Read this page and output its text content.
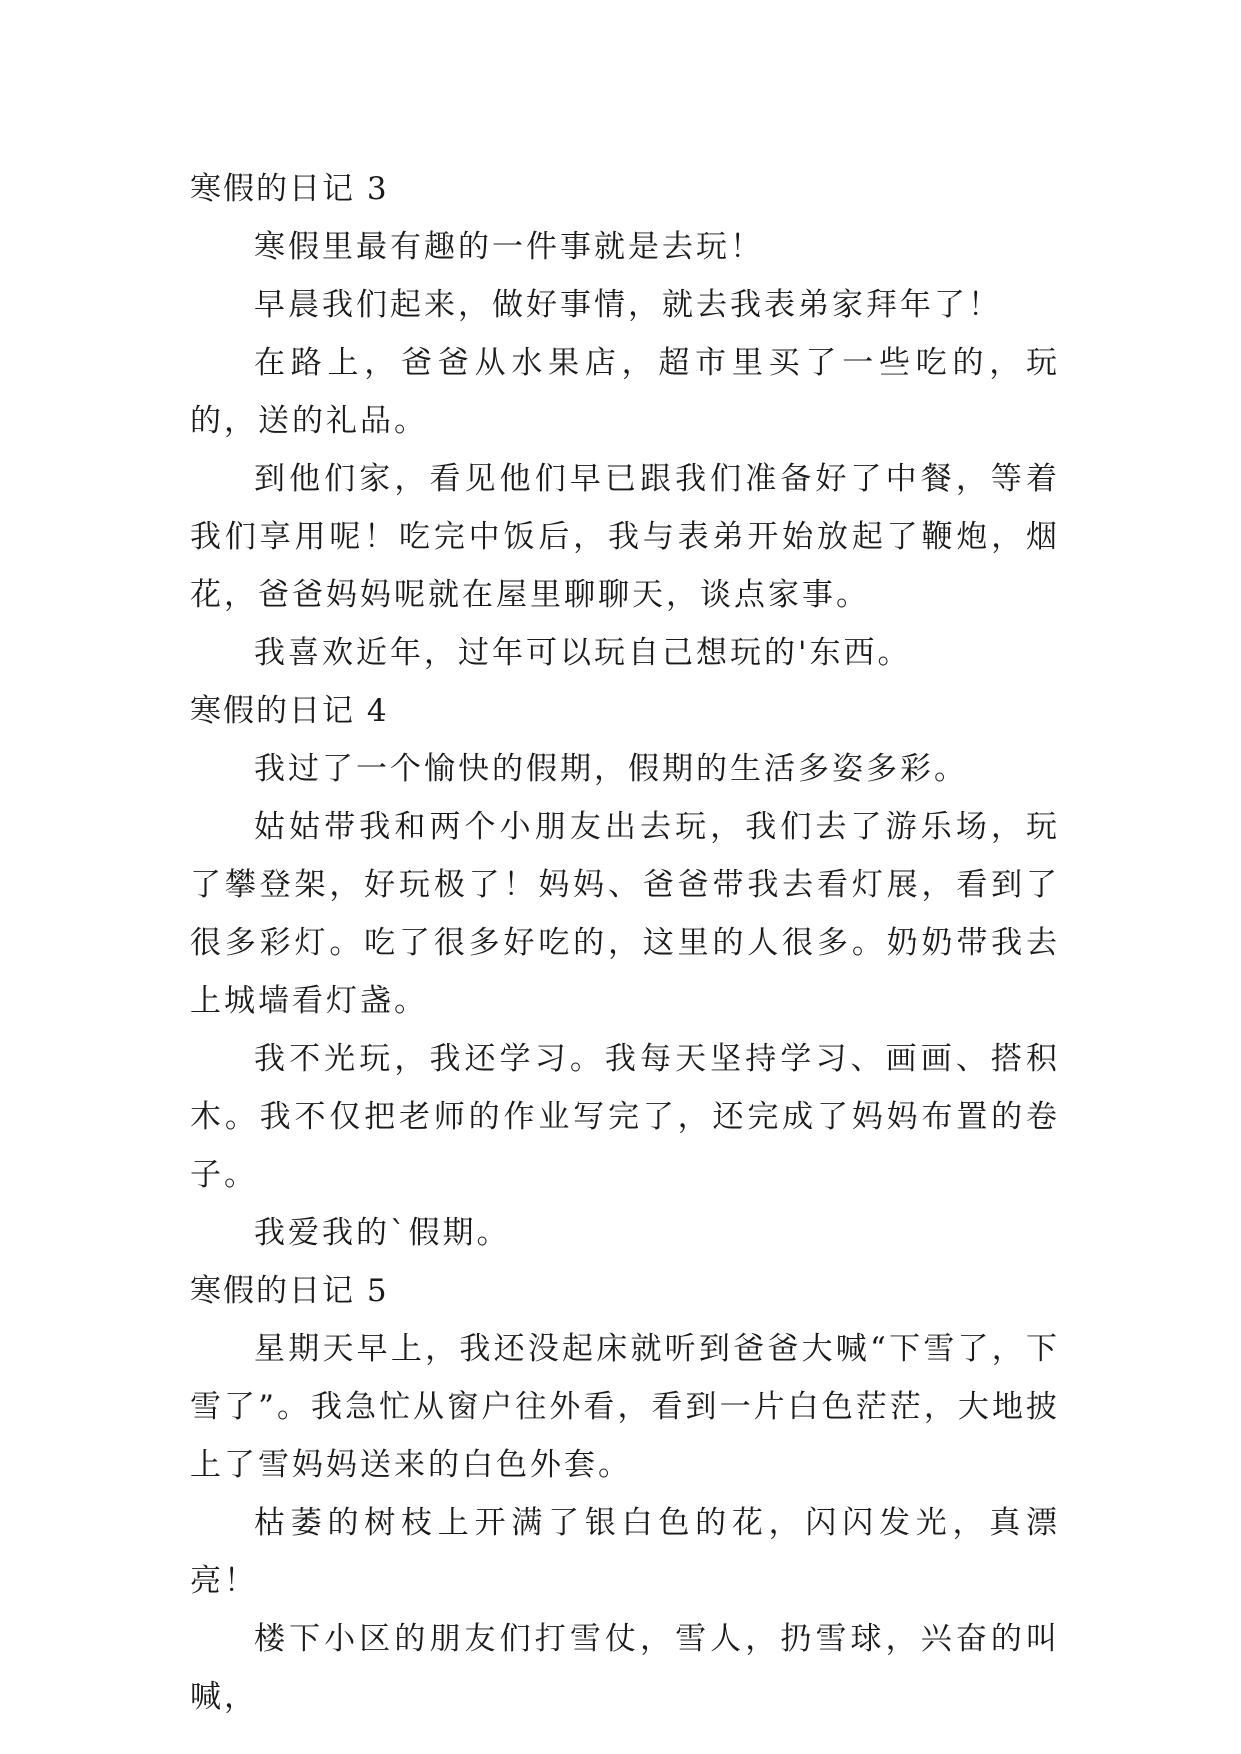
寒假的日记 3

寒假里最有趣的一件事就是去玩！

早晨我们起来，做好事情，就去我表弟家拜年了！

在路上，爸爸从水果店，超市里买了一些吃的，玩的，送的礼品。

到他们家，看见他们早已跟我们准备好了中餐，等着我们享用呢！吃完中饭后，我与表弟开始放起了鞭炮，烟花，爸爸妈妈呢就在屋里聊聊天，谈点家事。

我喜欢近年，过年可以玩自己想玩的'东西。

寒假的日记 4

我过了一个愉快的假期，假期的生活多姿多彩。

姑姑带我和两个小朋友出去玩，我们去了游乐场，玩了攀登架，好玩极了！妈妈、爸爸带我去看灯展，看到了很多彩灯。吃了很多好吃的，这里的人很多。奶奶带我去上城墙看灯盏。

我不光玩，我还学习。我每天坚持学习、画画、搭积木。我不仅把老师的作业写完了，还完成了妈妈布置的卷子。

我爱我的`假期。

寒假的日记 5

星期天早上，我还没起床就听到爸爸大喊“下雪了，下雪了”。我急忙从窗户往外看，看到一片白色茫茫，大地披上了雪妈妈送来的白色外套。

枯萎的树枝上开满了银白色的花，闪闪发光，真漂亮！

楼下小区的朋友们打雪仗，雪人，扔雪球，兴奋的叫喊，
